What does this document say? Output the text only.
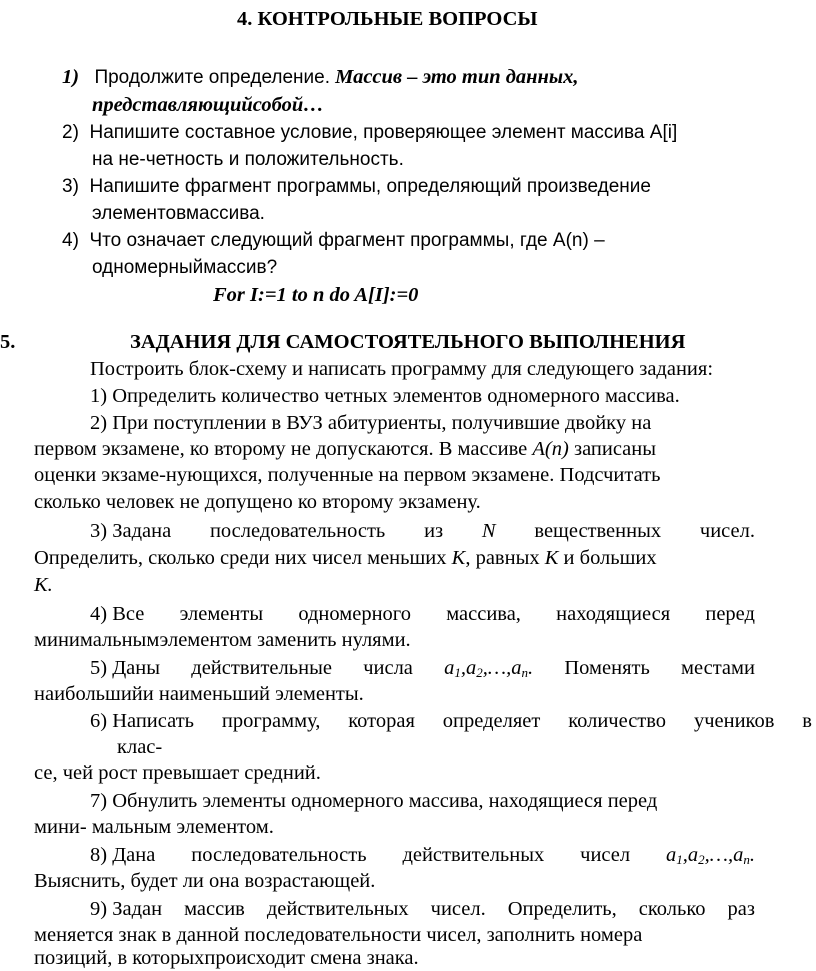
4. КОНТРОЛЬНЫЕ ВОПРОСЫ
1) Продолжите определение. Массив – это тип данных,
представляющийсобой…
2) Напишите составное условие, проверяющее элемент массива A[i]
на не-четность и положительность.
3) Напишите фрагмент программы, определяющий произведение
элементовмассива.
4) Что означает следующий фрагмент программы, где A(n) –
одномерныймассив?
For I:=1 to n do A[I]:=0
5.	ЗАДАНИЯ ДЛЯ САМОСТОЯТЕЛЬНОГО ВЫПОЛНЕНИЯ
Построить блок-схему и написать программу для следующего задания:
1) Определить количество четных элементов одномерного массива.
2) При поступлении в ВУЗ абитуриенты, получившие двойку на
первом экзамене, ко второму не допускаются. В массиве A(n) записаны
оценки экзаме-нующихся, полученные на первом экзамене. Подсчитать
сколько человек не допущено ко второму экзамену.
3) Задана последовательность из N вещественных чисел.
Определить, сколько среди них чисел меньших K, равных K и больших
K.
4) Все элементы одномерного массива, находящиеся перед
минимальнымэлементом заменить нулями.
5) Даны действительные числа $a_1,a_2,\dots,a_n$. Поменять местами
наибольшийи наименьший элементы.
6) Написать программу, которая определяет количество учеников в
клас-
се, чей рост превышает средний.
7) Обнулить элементы одномерного массива, находящиеся перед
мини- мальным элементом.
8) Дана последовательность действительных чисел $a_1,a_2,\dots,a_n$.
Выяснить, будет ли она возрастающей.
9) Задан массив действительных чисел. Определить, сколько раз
меняется знак в данной последовательности чисел, заполнить номера
позиций, в которыхпроисходит смена знака.
